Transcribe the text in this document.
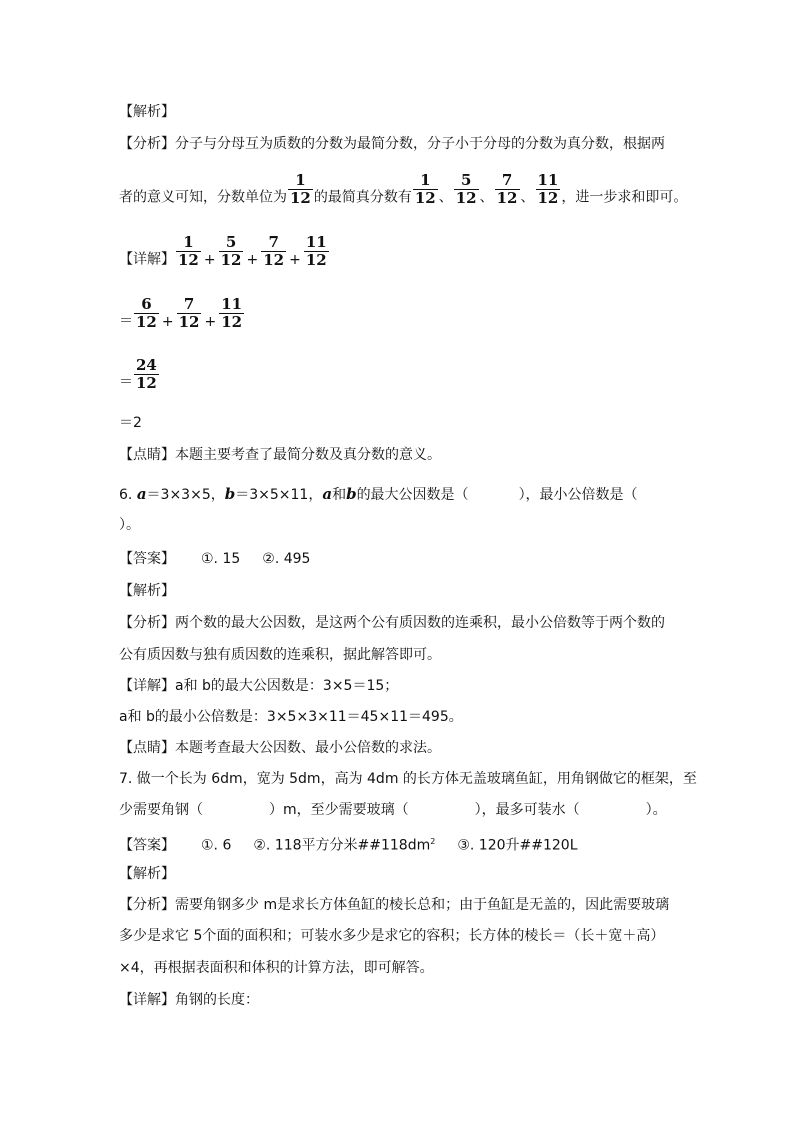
【解析】
【分析】分子与分母互为质数的分数为最简分数，分子小于分母的分数为真分数，根据两
者的意义可知，分数单位为 $\frac{1}{12}$ 的最简真分数有 $\frac{1}{12}$ 、 $\frac{5}{12}$ 、 $\frac{7}{12}$ 、 $\frac{11}{12}$ ，进一步求和即可。
【详解】 $\frac{1}{12} + \frac{5}{12} + \frac{7}{12} + \frac{11}{12}$
＝ $\frac{6}{12} + \frac{7}{12} + \frac{11}{12}$
＝ $\frac{24}{12}$
＝2
【点睛】本题主要考查了最简分数及真分数的意义。
6. a＝3×3×5，b＝3×5×11，a和b的最大公因数是（	），最小公倍数是（
）。
【答案】 ①. 15 ②. 495
【解析】
【分析】两个数的最大公因数，是这两个公有质因数的连乘积，最小公倍数等于两个数的
公有质因数与独有质因数的连乘积，据此解答即可。
【详解】a和 b的最大公因数是：3×5＝15；
a和 b的最小公倍数是：3×5×3×11＝45×11＝495。
【点睛】本题考查最大公因数、最小公倍数的求法。
7. 做一个长为 6dm，宽为 5dm，高为 4dm 的长方体无盖玻璃鱼缸，用角钢做它的框架，至
少需要角钢（	）m，至少需要玻璃（	），最多可装水（	）。
【答案】 ①. 6 ②. 118平方分米$\#\#118dm^2$ ③. 120升##120L
【解析】
【分析】需要角钢多少 m是求长方体鱼缸的棱长总和；由于鱼缸是无盖的，因此需要玻璃
多少是求它 5个面的面积和；可装水多少是求它的容积；长方体的棱长＝（长＋宽＋高）
×4，再根据表面积和体积的计算方法，即可解答。
【详解】角钢的长度：
